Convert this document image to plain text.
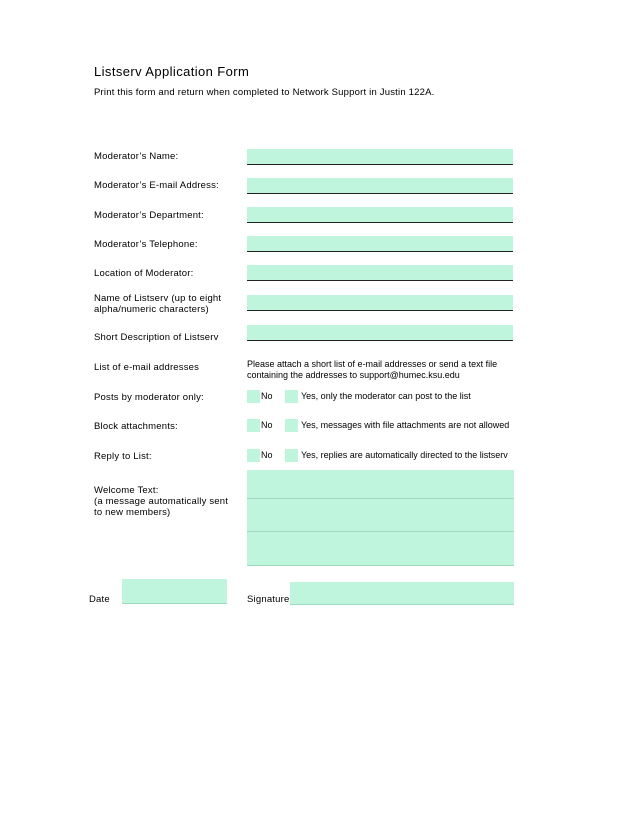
Listserv Application Form
Print this form and return when completed to Network Support in Justin 122A.
Moderator’s Name:
Moderator’s E-mail Address:
Moderator’s Department:
Moderator’s Telephone:
Location of Moderator:
Name of Listserv (up to eight
alpha/numeric characters)
Short Description of Listserv
List of e-mail addresses	Please attach a short list of e-mail addresses or send a text file
containing the addresses to support@humec.ksu.edu
Posts by moderator only:	No	Yes, only the moderator can post to the list
Block attachments:	No	Yes, messages with file attachments are not allowed
Reply to List:	No	Yes, replies are automatically directed to the listserv
Welcome Text:
(a message automatically sent
to new members)
Date	Signature
